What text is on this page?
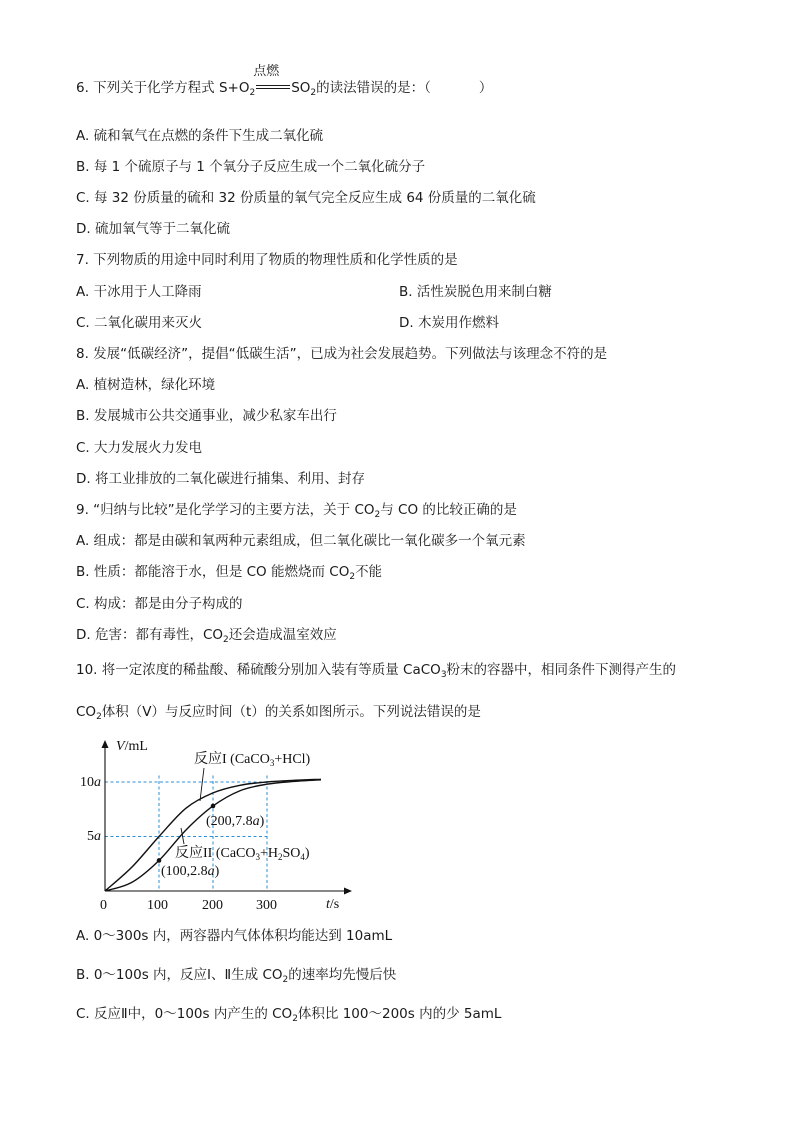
6. 下列关于化学方程式 $S+O_2$
点燃
$SO_2$的读法错误的是：（	）
A. 硫和氧气在点燃的条件下生成二氧化硫
B. 每 1 个硫原子与 1 个氧分子反应生成一个二氧化硫分子
C. 每 32 份质量的硫和 32 份质量的氧气完全反应生成 64 份质量的二氧化硫
D. 硫加氧气等于二氧化硫
7. 下列物质的用途中同时利用了物质的物理性质和化学性质的是
A. 干冰用于人工降雨	B. 活性炭脱色用来制白糖
C. 二氧化碳用来灭火	D. 木炭用作燃料
8. 发展“低碳经济”，提倡“低碳生活”，已成为社会发展趋势。下列做法与该理念不符的是
A. 植树造林，绿化环境
B. 发展城市公共交通事业，减少私家车出行
C. 大力发展火力发电
D. 将工业排放的二氧化碳进行捕集、利用、封存
9. “归纳与比较”是化学学习的主要方法，关于 $CO_2$与 CO 的比较正确的是
A. 组成：都是由碳和氧两种元素组成，但二氧化碳比一氧化碳多一个氧元素
B. 性质：都能溶于水，但是 CO 能燃烧而 $CO_2$不能
C. 构成：都是由分子构成的
D. 危害：都有毒性，$CO_2$还会造成温室效应
10. 将一定浓度的稀盐酸、稀硫酸分别加入装有等质量 CaCO$_3$粉末的容器中，相同条件下测得产生的
$CO_2$体积（V）与反应时间（t）的关系如图所示。下列说法错误的是
V/mL
t/s
0	100 200 300
10a
5a
反应I (CaCO$_3$+HCl)
反应II $(CaCO_3+H_2SO_4)$
(200,7.8a)
(100,2.8a)
A. 0～300s 内，两容器内气体体积均能达到 10amL
B. 0～100s 内，反应Ⅰ、Ⅱ生成 $CO_2$的速率均先慢后快
C. 反应Ⅱ中，0～100s 内产生的 $CO_2$体积比 100～200s 内的少 5amL
